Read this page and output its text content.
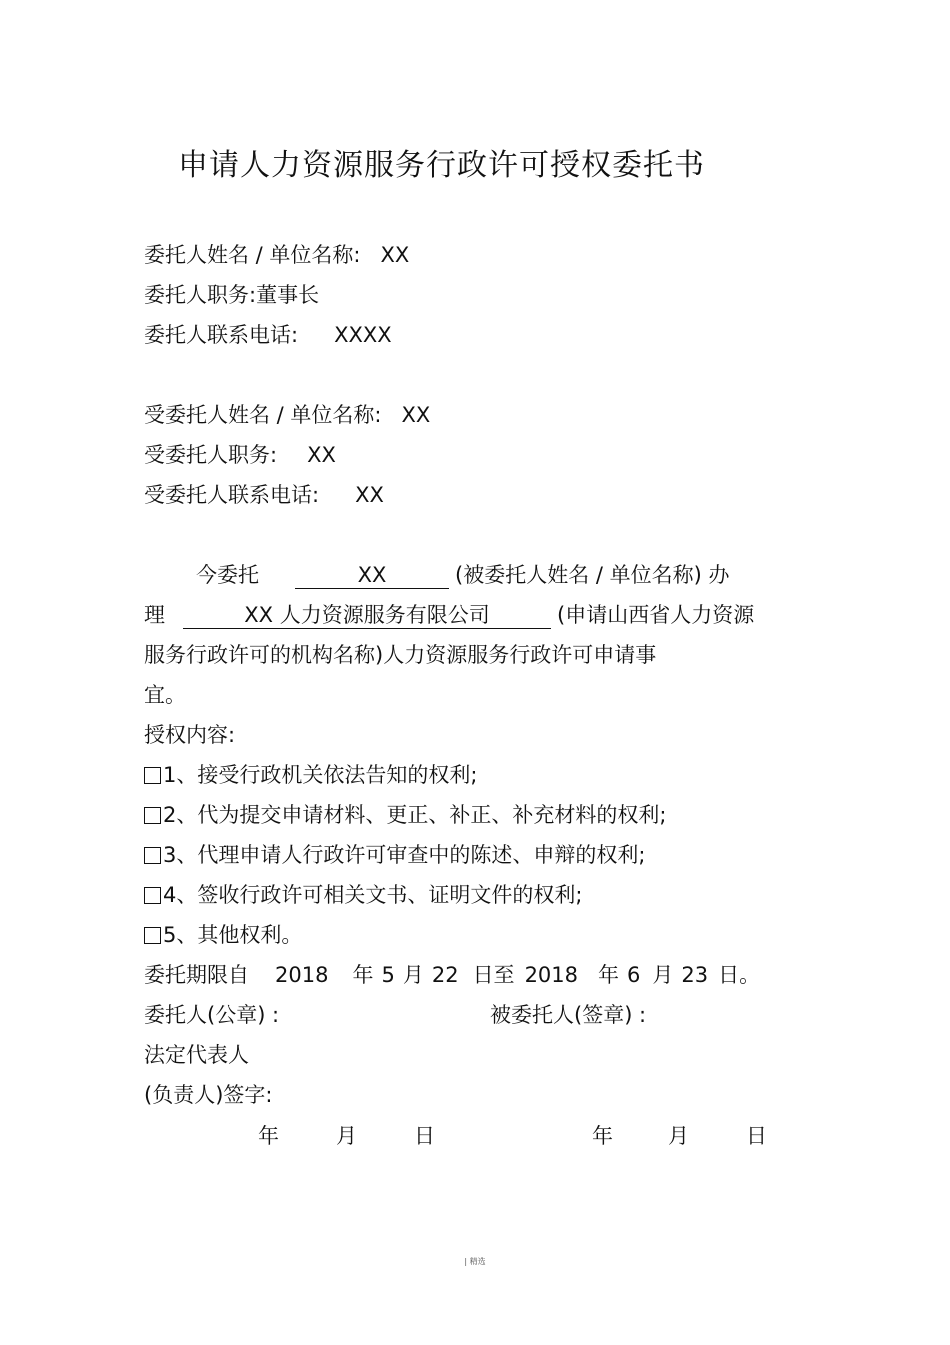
申请人力资源服务行政许可授权委托书
委托人姓名 / 单位名称: XX
委托人职务:董事长
委托人联系电话: XXXX
受委托人姓名 / 单位名称: XX
受委托人职务: XX
受委托人联系电话: XX
今委托	XX	(被委托人姓名 / 单位名称) 办
理	XX 人力资源服务有限公司	(申请山西省人力资源
服务行政许可的机构名称)人力资源服务行政许可申请事
宜。
授权内容:
1、接受行政机关依法告知的权利;
2、代为提交申请材料、更正、补正、补充材料的权利;
3、代理申请人行政许可审查中的陈述、申辩的权利;
4、签收行政许可相关文书、证明文件的权利;
5、其他权利。
委托期限自 2018 年 5 月 22 日至 2018 年 6 月 23 日。
委托人(公章) :	被委托人(签章) :
法定代表人
(负责人)签字:
年	月	日	年	月	日
| 精选
